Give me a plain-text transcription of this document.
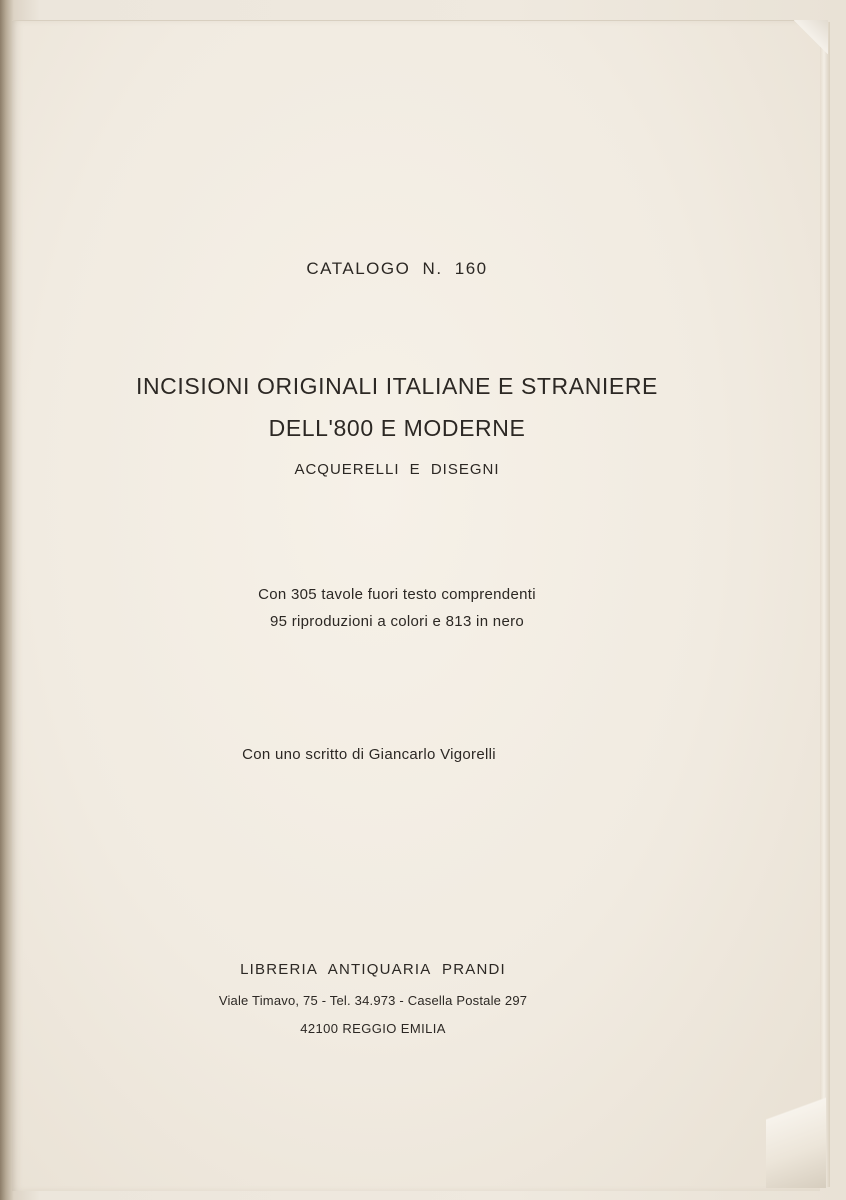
CATALOGO N. 160
INCISIONI ORIGINALI ITALIANE E STRANIERE
DELL'800 E MODERNE
ACQUERELLI E DISEGNI
Con 305 tavole fuori testo comprendenti
95 riproduzioni a colori e 813 in nero
Con uno scritto di Giancarlo Vigorelli
LIBRERIA ANTIQUARIA PRANDI
Viale Timavo, 75 - Tel. 34.973 - Casella Postale 297
42100 REGGIO EMILIA
